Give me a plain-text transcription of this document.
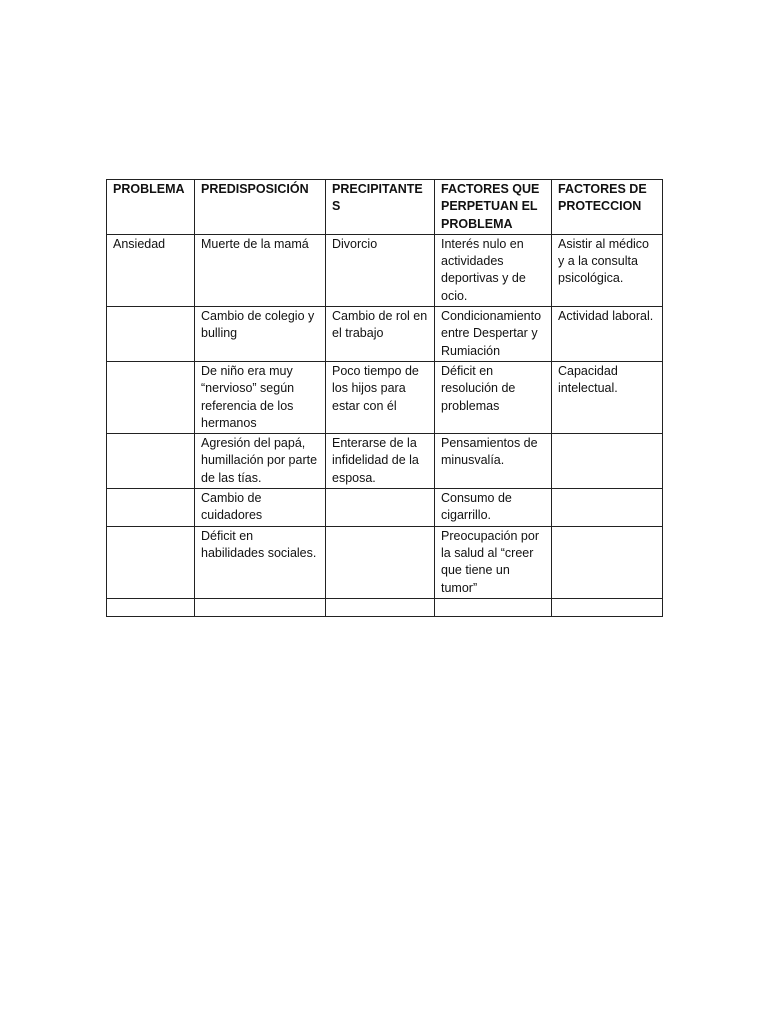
PROBLEMA	PREDISPOSICIÓN	PRECIPITANTES	FACTORES QUE PERPETUAN EL PROBLEMA	FACTORES DE PROTECCION
Ansiedad	Muerte de la mamá	Divorcio	Interés nulo en actividades deportivas y de ocio.	Asistir al médico y a la consulta psicológica.
	Cambio de colegio y bulling	Cambio de rol en el trabajo	Condicionamiento entre Despertar y Rumiación	Actividad laboral.
	De niño era muy “nervioso” según referencia de los hermanos	Poco tiempo de los hijos para estar con él	Déficit en resolución de problemas	Capacidad intelectual.
	Agresión del papá, humillación por parte de las tías.	Enterarse de la infidelidad de la esposa.	Pensamientos de minusvalía.	
	Cambio de cuidadores		Consumo de cigarrillo.	
	Déficit en habilidades sociales.		Preocupación por la salud al “creer que tiene un tumor”	
